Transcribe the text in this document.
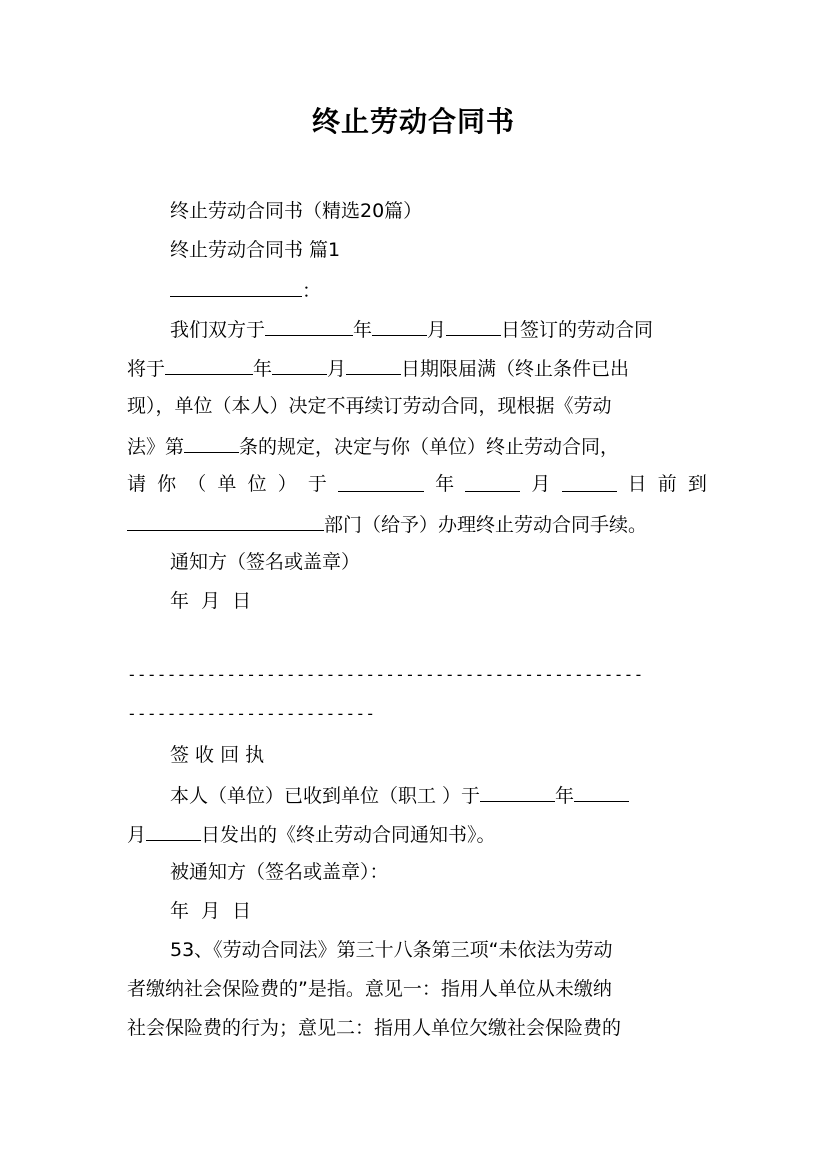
终止劳动合同书
终止劳动合同书（精选20篇）
终止劳动合同书 篇1
：
我们双方于	年	月	日签订的劳动合同
将于	年	月	日期限届满（终止条件已出
现），单位（本人）决定不再续订劳动合同，现根据《劳动
法》第	条的规定，决定与你（单位）终止劳动合同，
请 你 （ 单 位 ） 于	年	月	日 前 到
部门（给予）办理终止劳动合同手续。
通知方（签名或盖章）
年  月  日
----------------------------------------------------
-------------------------
签 收 回 执
本人（单位）已收到单位（职工 ）于	年
月	日发出的《终止劳动合同通知书》。
被通知方（签名或盖章）：
年  月  日
53、《劳动合同法》第三十八条第三项“未依法为劳动
者缴纳社会保险费的”是指。意见一：指用人单位从未缴纳
社会保险费的行为；意见二：指用人单位欠缴社会保险费的
